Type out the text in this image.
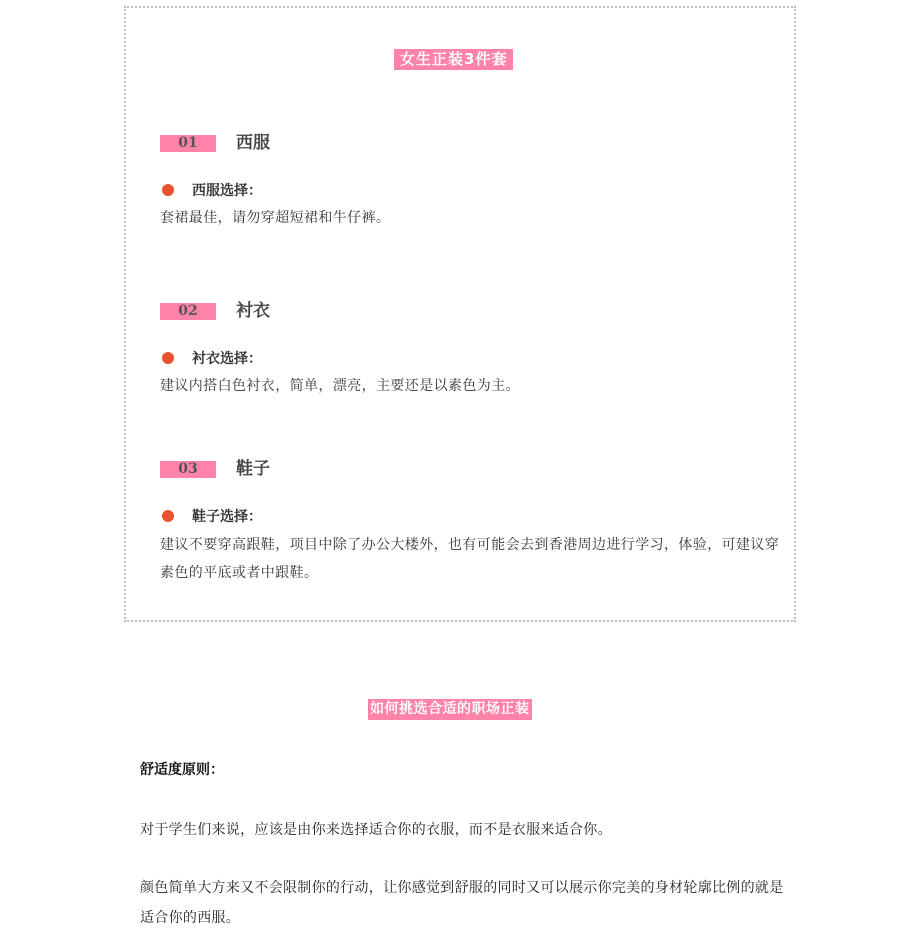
女生正装3件套
01	西服
西服选择：
套裙最佳，请勿穿超短裙和牛仔裤。
02	衬衣
衬衣选择：
建议内搭白色衬衣，简单，漂亮，主要还是以素色为主。
03	鞋子
鞋子选择：
建议不要穿高跟鞋，项目中除了办公大楼外，也有可能会去到香港周边进行学习，体验，可建议穿素色的平底或者中跟鞋。
如何挑选合适的职场正装
舒适度原则：
对于学生们来说，应该是由你来选择适合你的衣服，而不是衣服来适合你。
颜色简单大方来又不会限制你的行动，让你感觉到舒服的同时又可以展示你完美的身材轮廓比例的就是适合你的西服。
